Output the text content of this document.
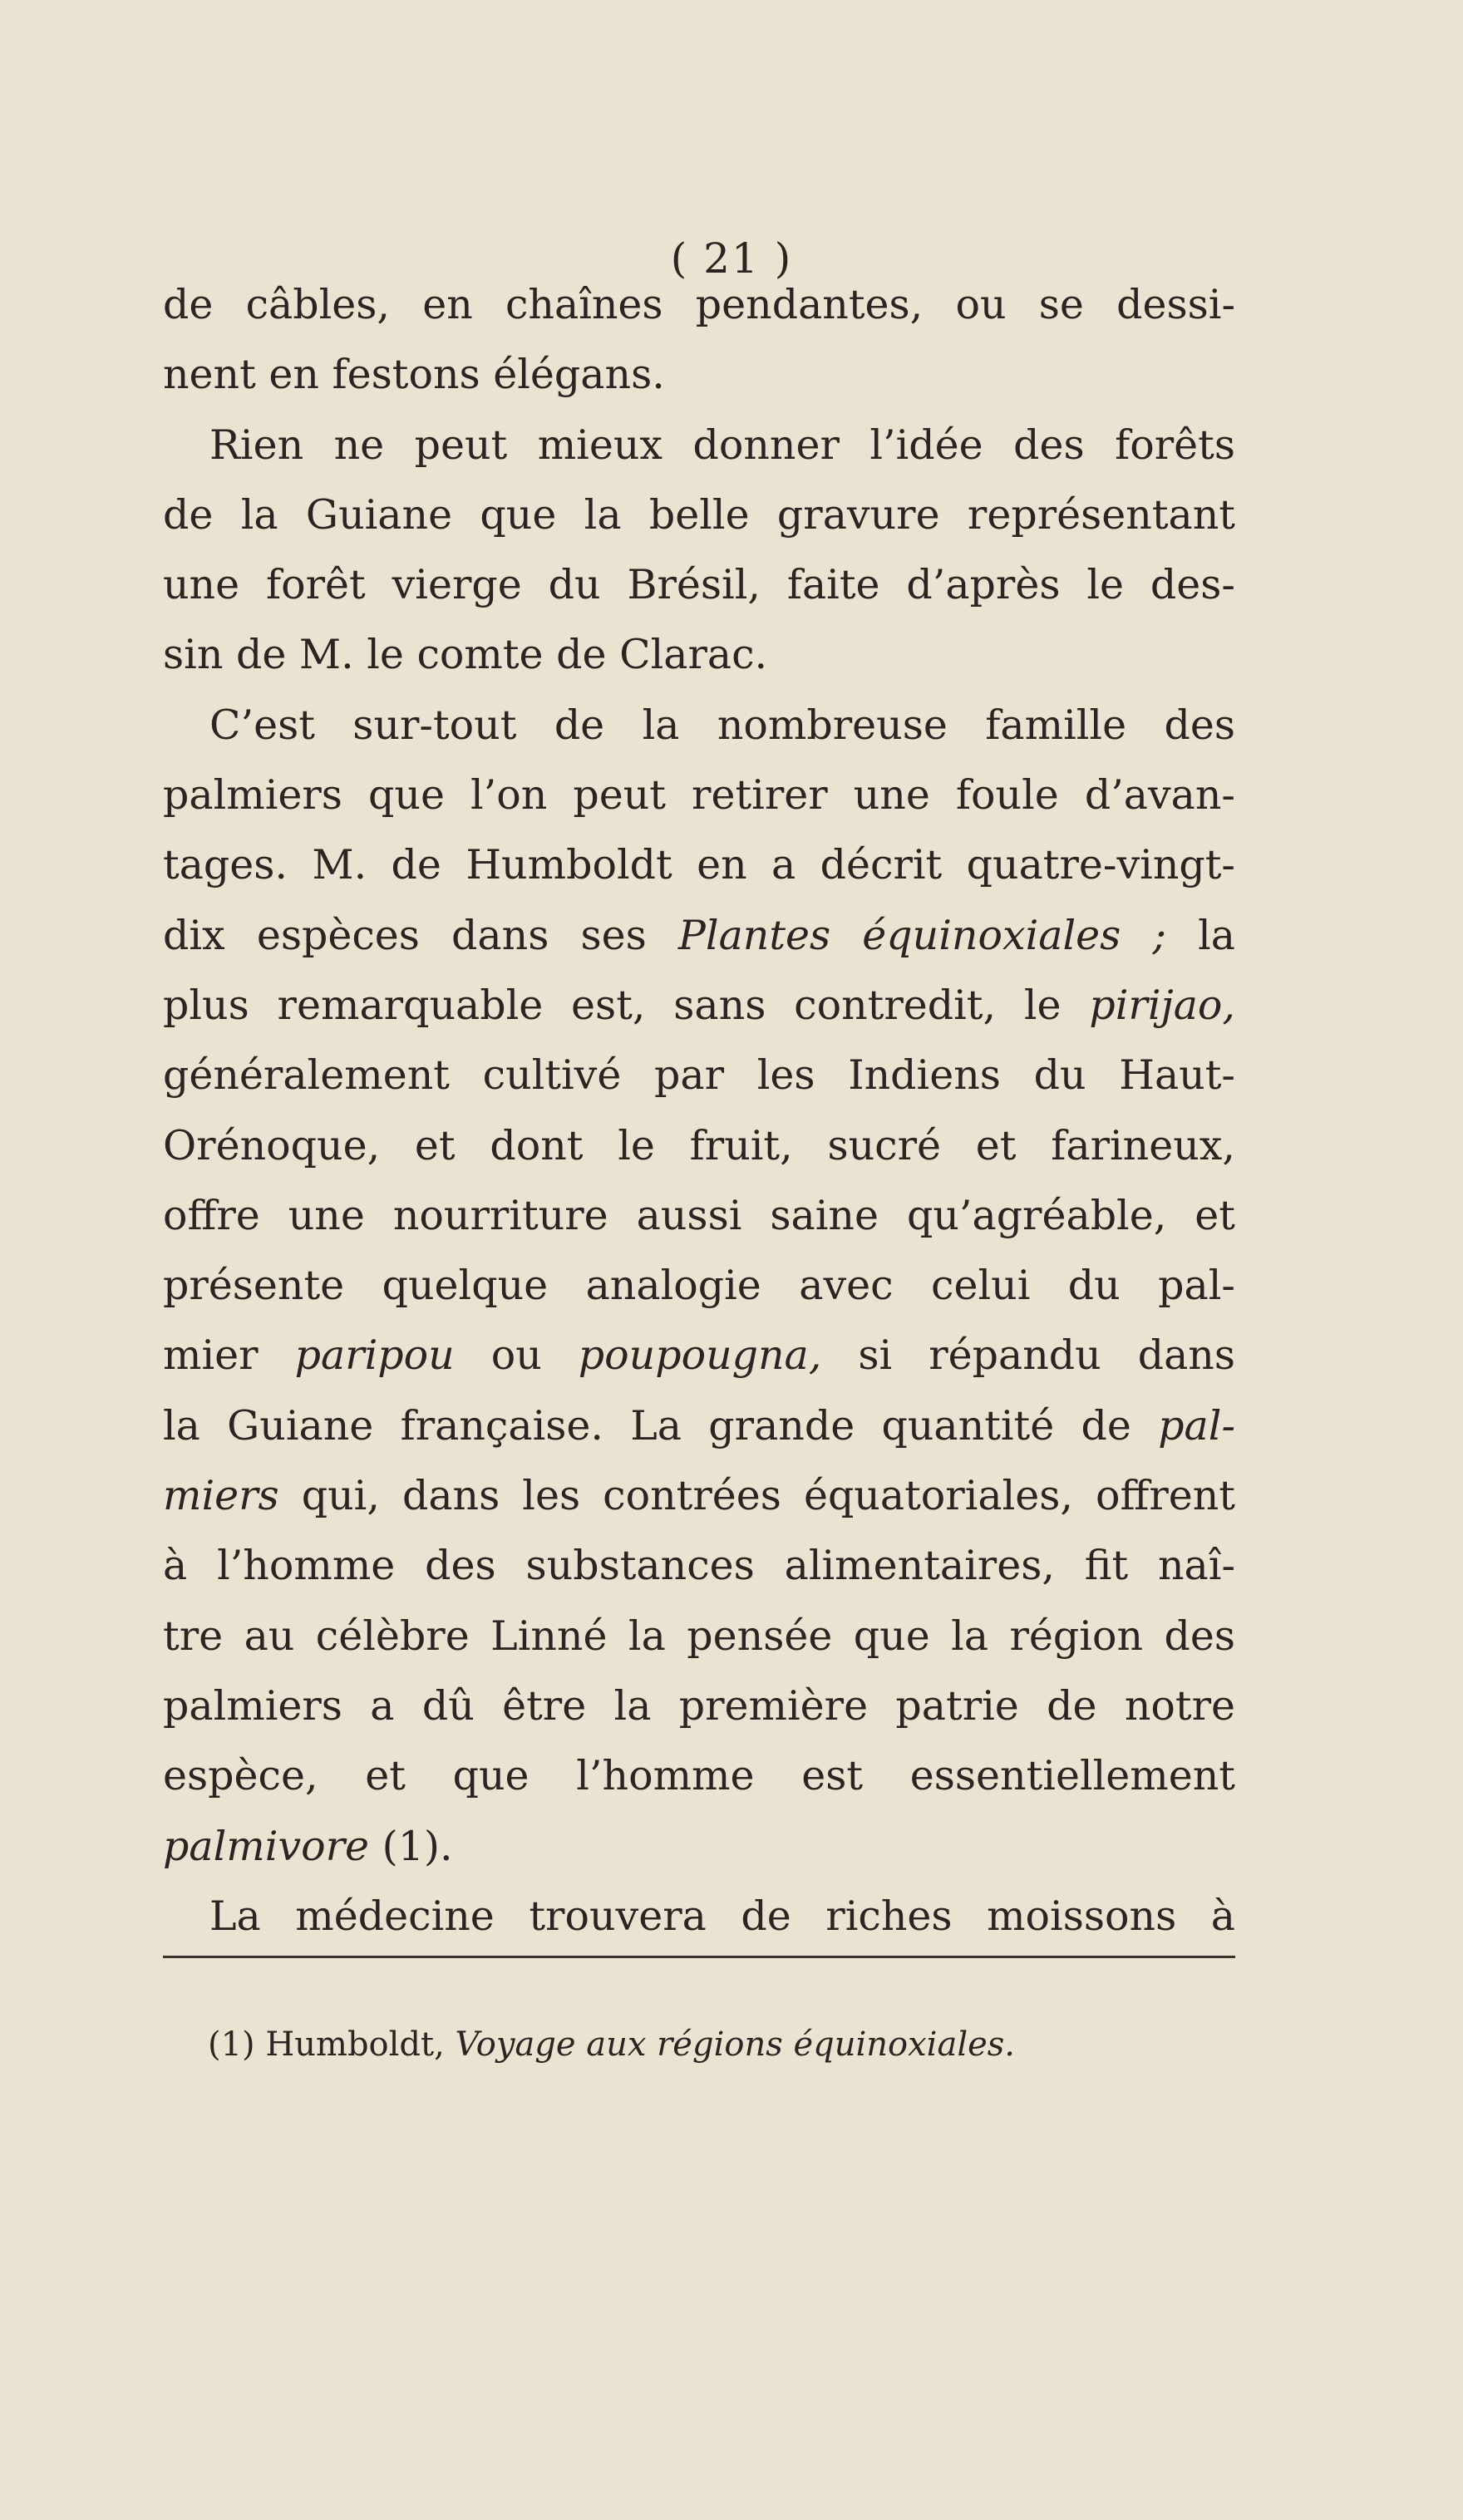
( 21 )
de câbles, en chaînes pendantes, ou se dessi-
nent en festons élégans.
Rien ne peut mieux donner l’idée des forêts
de la Guiane que la belle gravure représentant
une forêt vierge du Brésil, faite d’après le des-
sin de M. le comte de Clarac.
C’est sur-tout de la nombreuse famille des
palmiers que l’on peut retirer une foule d’avan-
tages. M. de Humboldt en a décrit quatre-vingt-
dix espèces dans ses Plantes équinoxiales ; la
plus remarquable est, sans contredit, le pirijao,
généralement cultivé par les Indiens du Haut-
Orénoque, et dont le fruit, sucré et farineux,
offre une nourriture aussi saine qu’agréable, et
présente quelque analogie avec celui du pal-
mier paripou ou poupougna, si répandu dans
la Guiane française. La grande quantité de pal-
miers qui, dans les contrées équatoriales, offrent
à l’homme des substances alimentaires, fit naî-
tre au célèbre Linné la pensée que la région des
palmiers a dû être la première patrie de notre
espèce, et que l’homme est essentiellement
palmivore (1).
La médecine trouvera de riches moissons à
(1) Humboldt, Voyage aux régions équinoxiales.
